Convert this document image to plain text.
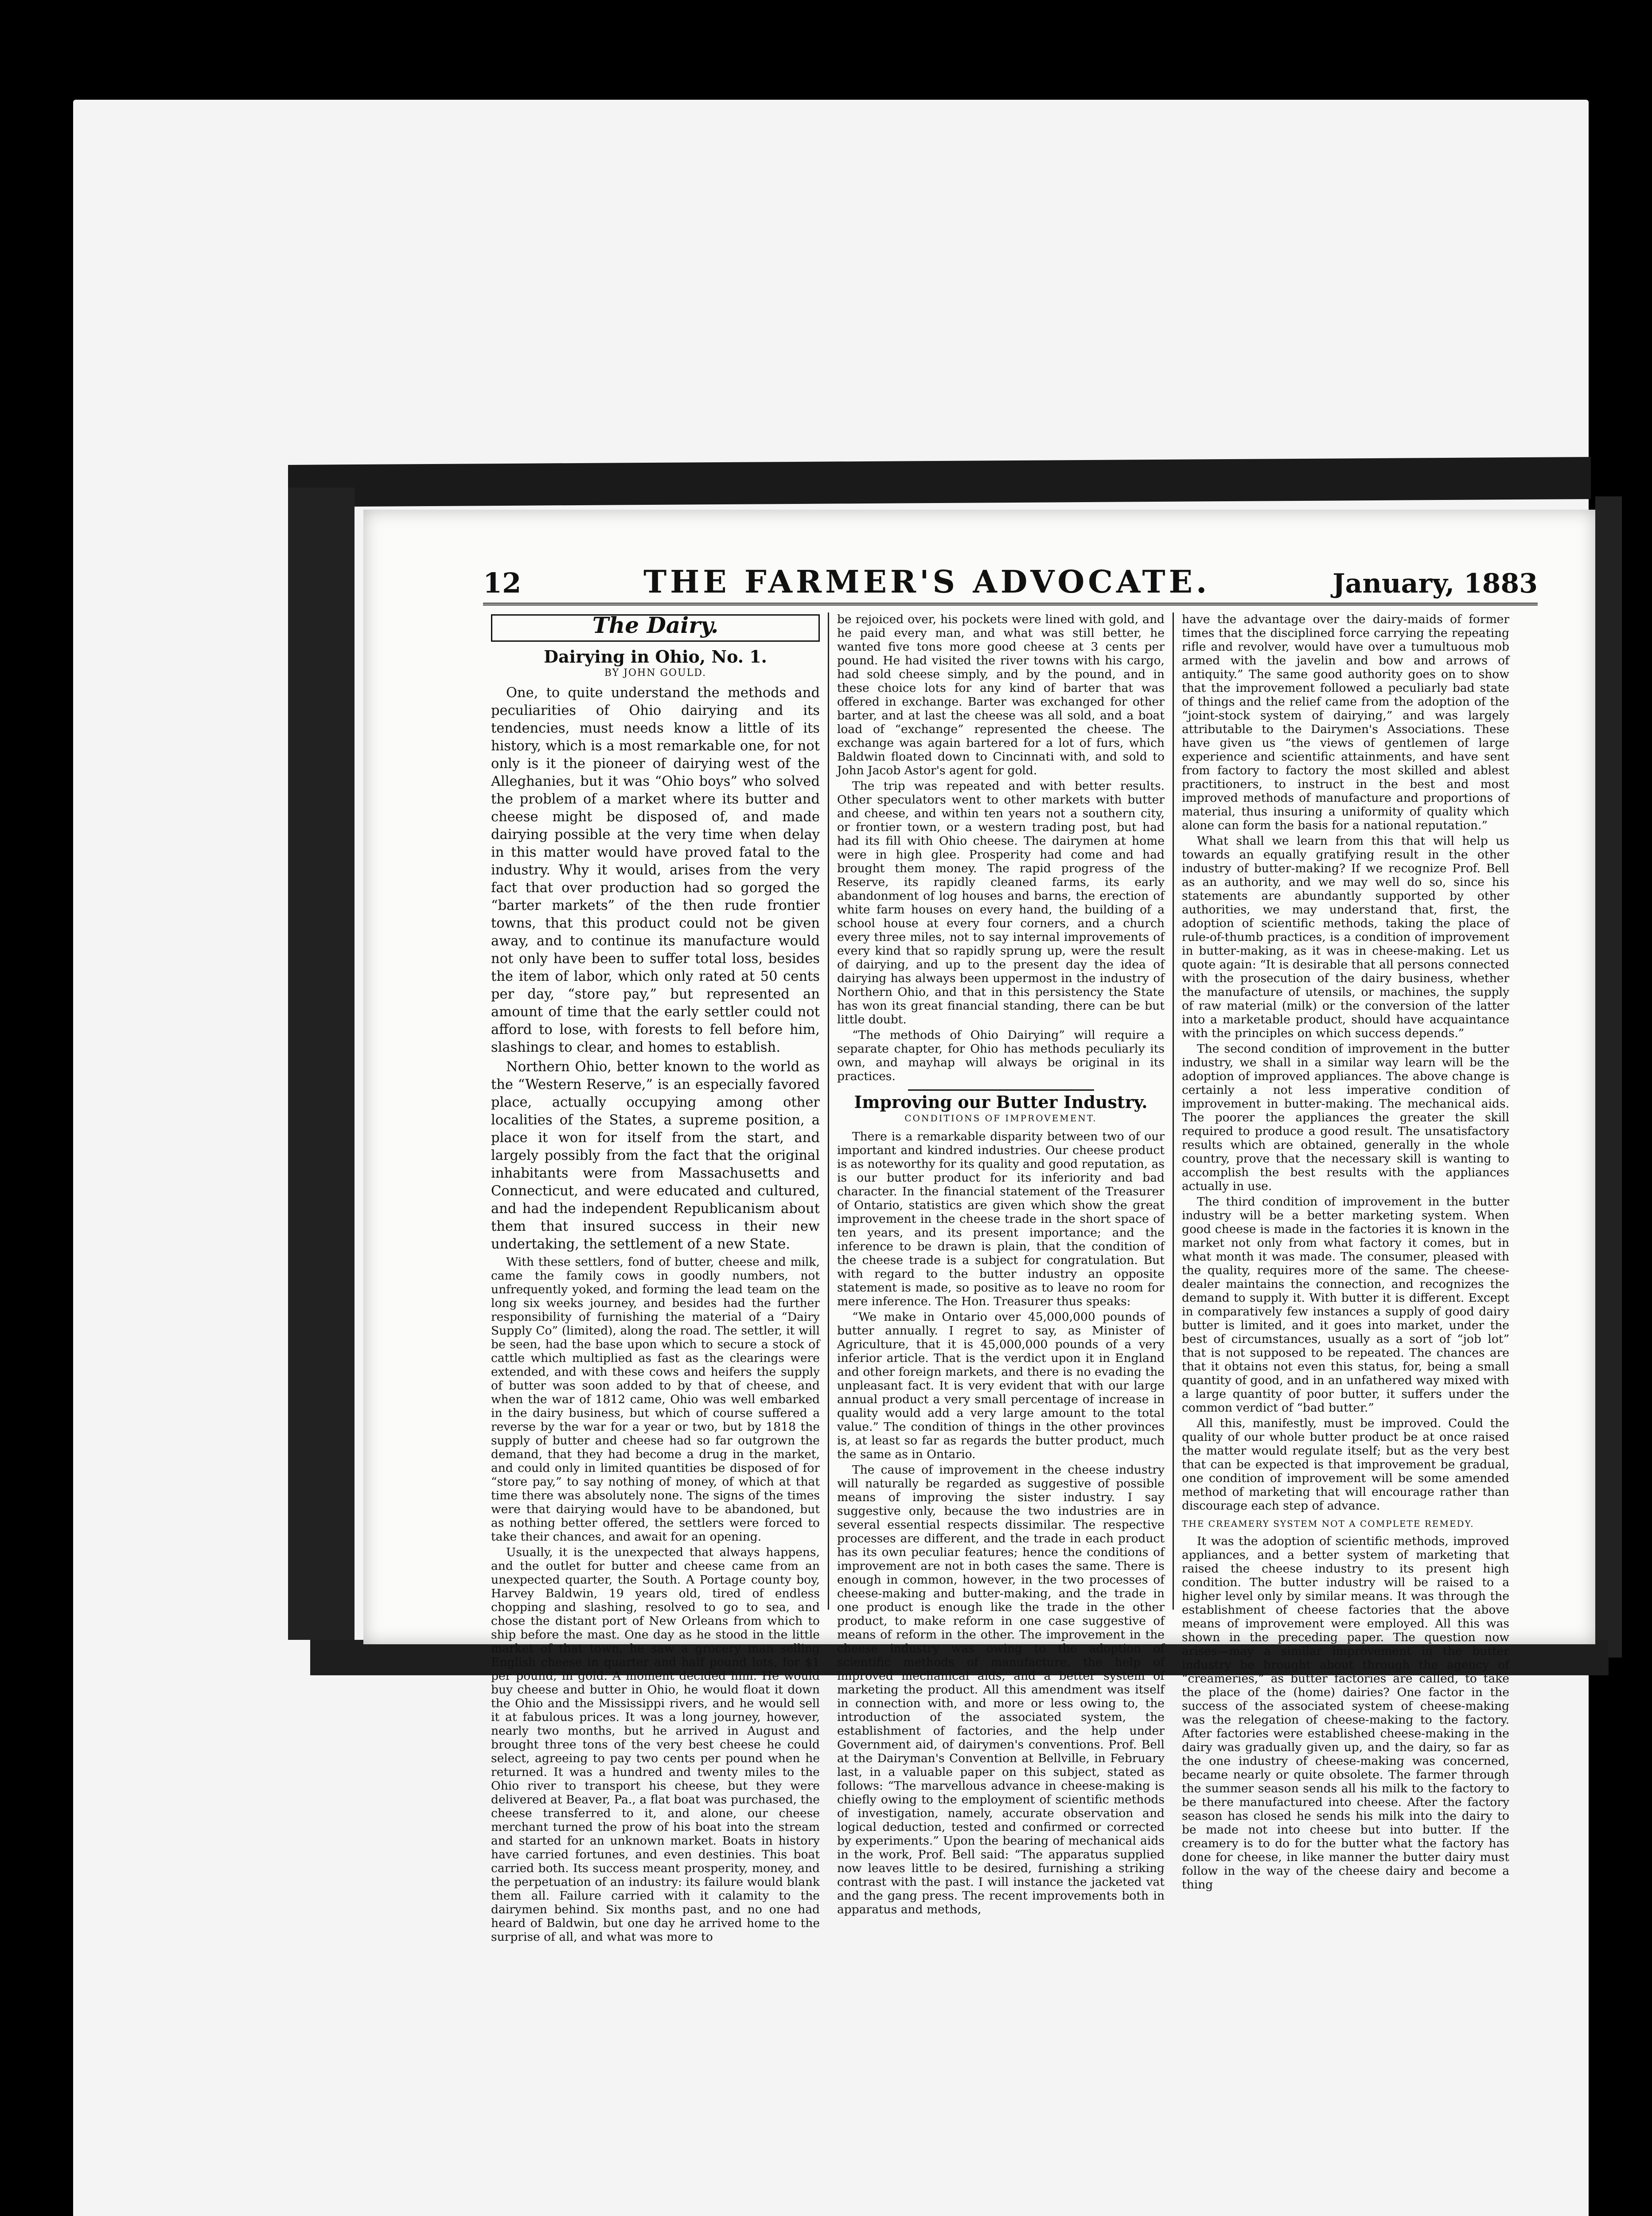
12	THE FARMER'S ADVOCATE.	January, 1883
The Dairy.
Dairying in Ohio, No. 1.
BY JOHN GOULD.

One, to quite understand the methods and peculiarities of Ohio dairying and its tendencies, must needs know a little of its history, which is a most remarkable one, for not only is it the pioneer of dairying west of the Alleghanies, but it was “Ohio boys” who solved the problem of a market where its butter and cheese might be disposed of, and made dairying possible at the very time when delay in this matter would have proved fatal to the industry. Why it would, arises from the very fact that over production had so gorged the “barter markets” of the then rude frontier towns, that this product could not be given away, and to continue its manufacture would not only have been to suffer total loss, besides the item of labor, which only rated at 50 cents per day, “store pay,” but represented an amount of time that the early settler could not afford to lose, with forests to fell before him, slashings to clear, and homes to establish.

Northern Ohio, better known to the world as the “Western Reserve,” is an especially favored place, actually occupying among other localities of the States, a supreme position, a place it won for itself from the start, and largely possibly from the fact that the original inhabitants were from Massachusetts and Connecticut, and were educated and cultured, and had the independent Republicanism about them that insured success in their new undertaking, the settlement of a new State.

With these settlers, fond of butter, cheese and milk, came the family cows in goodly numbers, not unfrequently yoked, and forming the lead team on the long six weeks journey, and besides had the further responsibility of furnishing the material of a “Dairy Supply Co” (limited), along the road. The settler, it will be seen, had the base upon which to secure a stock of cattle which multiplied as fast as the clearings were extended, and with these cows and heifers the supply of butter was soon added to by that of cheese, and when the war of 1812 came, Ohio was well embarked in the dairy business, but which of course suffered a reverse by the war for a year or two, but by 1818 the supply of butter and cheese had so far outgrown the demand, that they had become a drug in the market, and could only in limited quantities be disposed of for “store pay,” to say nothing of money, of which at that time there was absolutely none. The signs of the times were that dairying would have to be abandoned, but as nothing better offered, the settlers were forced to take their chances, and await for an opening.

Usually, it is the unexpected that always happens, and the outlet for butter and cheese came from an unexpected quarter, the South. A Portage county boy, Harvey Baldwin, 19 years old, tired of endless chopping and slashing, resolved to go to sea, and chose the distant port of New Orleans from which to ship before the mast. One day as he stood in the little market of that town, he saw a grocery man selling English cheese in quarter and half pound lots, for $1 per pound, in gold. A moment decided him. He would buy cheese and butter in Ohio, he would float it down the Ohio and the Mississippi rivers, and he would sell it at fabulous prices. It was a long journey, however, nearly two months, but he arrived in August and brought three tons of the very best cheese he could select, agreeing to pay two cents per pound when he returned. It was a hundred and twenty miles to the Ohio river to transport his cheese, but they were delivered at Beaver, Pa., a flat boat was purchased, the cheese transferred to it, and alone, our cheese merchant turned the prow of his boat into the stream and started for an unknown market. Boats in history have carried fortunes, and even destinies. This boat carried both. Its success meant prosperity, money, and the perpetuation of an industry: its failure would blank them all. Failure carried with it calamity to the dairymen behind. Six months past, and no one had heard of Baldwin, but one day he arrived home to the surprise of all, and what was more to

be rejoiced over, his pockets were lined with gold, and he paid every man, and what was still better, he wanted five tons more good cheese at 3 cents per pound. He had visited the river towns with his cargo, had sold cheese simply, and by the pound, and in these choice lots for any kind of barter that was offered in exchange. Barter was exchanged for other barter, and at last the cheese was all sold, and a boat load of “exchange” represented the cheese. The exchange was again bartered for a lot of furs, which Baldwin floated down to Cincinnati with, and sold to John Jacob Astor's agent for gold.

The trip was repeated and with better results. Other speculators went to other markets with butter and cheese, and within ten years not a southern city, or frontier town, or a western trading post, but had had its fill with Ohio cheese. The dairymen at home were in high glee. Prosperity had come and had brought them money. The rapid progress of the Reserve, its rapidly cleaned farms, its early abandonment of log houses and barns, the erection of white farm houses on every hand, the building of a school house at every four corners, and a church every three miles, not to say internal improvements of every kind that so rapidly sprung up, were the result of dairying, and up to the present day the idea of dairying has always been uppermost in the industry of Northern Ohio, and that in this persistency the State has won its great financial standing, there can be but little doubt.

“The methods of Ohio Dairying” will require a separate chapter, for Ohio has methods peculiarly its own, and mayhap will always be original in its practices.

Improving our Butter Industry.
CONDITIONS OF IMPROVEMENT.

There is a remarkable disparity between two of our important and kindred industries. Our cheese product is as noteworthy for its quality and good reputation, as is our butter product for its inferiority and bad character. In the financial statement of the Treasurer of Ontario, statistics are given which show the great improvement in the cheese trade in the short space of ten years, and its present importance; and the inference to be drawn is plain, that the condition of the cheese trade is a subject for congratulation. But with regard to the butter industry an opposite statement is made, so positive as to leave no room for mere inference. The Hon. Treasurer thus speaks:

“We make in Ontario over 45,000,000 pounds of butter annually. I regret to say, as Minister of Agriculture, that it is 45,000,000 pounds of a very inferior article. That is the verdict upon it in England and other foreign markets, and there is no evading the unpleasant fact. It is very evident that with our large annual product a very small percentage of increase in quality would add a very large amount to the total value.” The condition of things in the other provinces is, at least so far as regards the butter product, much the same as in Ontario.

The cause of improvement in the cheese industry will naturally be regarded as suggestive of possible means of improving the sister industry. I say suggestive only, because the two industries are in several essential respects dissimilar. The respective processes are different, and the trade in each product has its own peculiar features; hence the conditions of improvement are not in both cases the same. There is enough in common, however, in the two processes of cheese-making and butter-making, and the trade in one product is enough like the trade in the other product, to make reform in one case suggestive of means of reform in the other. The improvement in the cheese industry was owing to the adoption of scientific methods of manufacture, the help of improved mechanical aids, and a better system of marketing the product. All this amendment was itself in connection with, and more or less owing to, the introduction of the associated system, the establishment of factories, and the help under Government aid, of dairymen's conventions. Prof. Bell at the Dairyman's Convention at Bellville, in February last, in a valuable paper on this subject, stated as follows: “The marvellous advance in cheese-making is chiefly owing to the employment of scientific methods of investigation, namely, accurate observation and logical deduction, tested and confirmed or corrected by experiments.” Upon the bearing of mechanical aids in the work, Prof. Bell said: “The apparatus supplied now leaves little to be desired, furnishing a striking contrast with the past. I will instance the jacketed vat and the gang press. The recent improvements both in apparatus and methods,

have the advantage over the dairy-maids of former times that the disciplined force carrying the repeating rifle and revolver, would have over a tumultuous mob armed with the javelin and bow and arrows of antiquity.” The same good authority goes on to show that the improvement followed a peculiarly bad state of things and the relief came from the adoption of the “joint-stock system of dairying,” and was largely attributable to the Dairymen's Associations. These have given us “the views of gentlemen of large experience and scientific attainments, and have sent from factory to factory the most skilled and ablest practitioners, to instruct in the best and most improved methods of manufacture and proportions of material, thus insuring a uniformity of quality which alone can form the basis for a national reputation.”

What shall we learn from this that will help us towards an equally gratifying result in the other industry of butter-making? If we recognize Prof. Bell as an authority, and we may well do so, since his statements are abundantly supported by other authorities, we may understand that, first, the adoption of scientific methods, taking the place of rule-of-thumb practices, is a condition of improvement in butter-making, as it was in cheese-making. Let us quote again: “It is desirable that all persons connected with the prosecution of the dairy business, whether the manufacture of utensils, or machines, the supply of raw material (milk) or the conversion of the latter into a marketable product, should have acquaintance with the principles on which success depends.”

The second condition of improvement in the butter industry, we shall in a similar way learn will be the adoption of improved appliances. The above change is certainly a not less imperative condition of improvement in butter-making. The mechanical aids. The poorer the appliances the greater the skill required to produce a good result. The unsatisfactory results which are obtained, generally in the whole country, prove that the necessary skill is wanting to accomplish the best results with the appliances actually in use.

The third condition of improvement in the butter industry will be a better marketing system. When good cheese is made in the factories it is known in the market not only from what factory it comes, but in what month it was made. The consumer, pleased with the quality, requires more of the same. The cheese-dealer maintains the connection, and recognizes the demand to supply it. With butter it is different. Except in comparatively few instances a supply of good dairy butter is limited, and it goes into market, under the best of circumstances, usually as a sort of “job lot” that is not supposed to be repeated. The chances are that it obtains not even this status, for, being a small quantity of good, and in an unfathered way mixed with a large quantity of poor butter, it suffers under the common verdict of “bad butter.”

All this, manifestly, must be improved. Could the quality of our whole butter product be at once raised the matter would regulate itself; but as the very best that can be expected is that improvement be gradual, one condition of improvement will be some amended method of marketing that will encourage rather than discourage each step of advance.

THE CREAMERY SYSTEM NOT A COMPLETE REMEDY.

It was the adoption of scientific methods, improved appliances, and a better system of marketing that raised the cheese industry to its present high condition. The butter industry will be raised to a higher level only by similar means. It was through the establishment of cheese factories that the above means of improvement were employed. All this was shown in the preceding paper. The question now arises—may a similar improvement in the butter industry be brought about through the agency of “creameries,” as butter factories are called, to take the place of the (home) dairies? One factor in the success of the associated system of cheese-making was the relegation of cheese-making to the factory. After factories were established cheese-making in the dairy was gradually given up, and the dairy, so far as the one industry of cheese-making was concerned, became nearly or quite obsolete. The farmer through the summer season sends all his milk to the factory to be there manufactured into cheese. After the factory season has closed he sends his milk into the dairy to be made not into cheese but into butter. If the creamery is to do for the butter what the factory has done for cheese, in like manner the butter dairy must follow in the way of the cheese dairy and become a thing
